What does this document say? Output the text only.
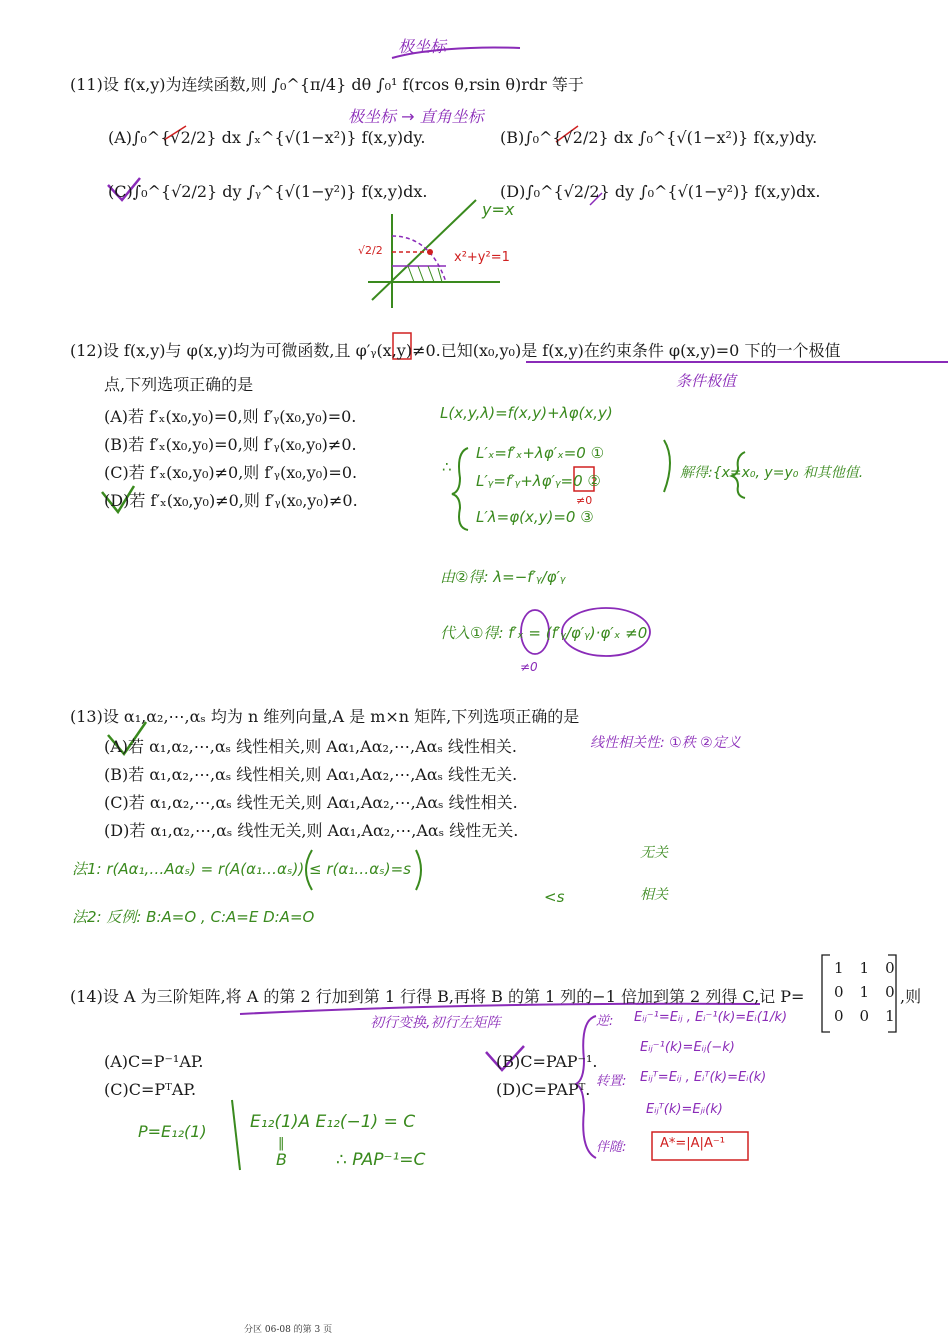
(11)设 f(x,y)为连续函数,则 ∫₀^{π/4} dθ ∫₀¹ f(rcos θ,rsin θ)rdr 等于
极坐标
极坐标 → 直角坐标
(A)∫₀^{√2/2} dx ∫ₓ^{√(1−x²)} f(x,y)dy.	(B)∫₀^{√2/2} dx ∫₀^{√(1−x²)} f(x,y)dy.
(C)∫₀^{√2/2} dy ∫ᵧ^{√(1−y²)} f(x,y)dx.	(D)∫₀^{√2/2} dy ∫₀^{√(1−y²)} f(x,y)dx.
y=x
x²+y²=1
√2/2
(12)设 f(x,y)与 φ(x,y)均为可微函数,且 φ′ᵧ(x,y)≠0.已知(x₀,y₀)是 f(x,y)在约束条件 φ(x,y)=0 下的一个极值
点,下列选项正确的是	条件极值
(A)若 f′ₓ(x₀,y₀)=0,则 f′ᵧ(x₀,y₀)=0.
(B)若 f′ₓ(x₀,y₀)=0,则 f′ᵧ(x₀,y₀)≠0.
(C)若 f′ₓ(x₀,y₀)≠0,则 f′ᵧ(x₀,y₀)=0.
(D)若 f′ₓ(x₀,y₀)≠0,则 f′ᵧ(x₀,y₀)≠0.
L(x,y,λ)=f(x,y)+λφ(x,y)
∴
L′ₓ=f′ₓ+λφ′ₓ=0 ①
L′ᵧ=f′ᵧ+λφ′ᵧ=0 ②
≠0
L′λ=φ(x,y)=0 ③
解得:{x=x₀, y=y₀ 和其他值.
由②得: λ=−f′ᵧ/φ′ᵧ
代入①得: f′ₓ = (f′ᵧ/φ′ᵧ)·φ′ₓ ≠0
≠0
(13)设 α₁,α₂,⋯,αₛ 均为 n 维列向量,A 是 m×n 矩阵,下列选项正确的是
(A)若 α₁,α₂,⋯,αₛ 线性相关,则 Aα₁,Aα₂,⋯,Aαₛ 线性相关.
(B)若 α₁,α₂,⋯,αₛ 线性相关,则 Aα₁,Aα₂,⋯,Aαₛ 线性无关.
(C)若 α₁,α₂,⋯,αₛ 线性无关,则 Aα₁,Aα₂,⋯,Aαₛ 线性相关.
(D)若 α₁,α₂,⋯,αₛ 线性无关,则 Aα₁,Aα₂,⋯,Aαₛ 线性无关.
线性相关性: ①秩 ②定义
法1: r(Aα₁,…Aαₛ) = r(A(α₁…αₛ)) ≤ r(α₁…αₛ)=s
无关
<s	相关
法2: 反例: B:A=O , C:A=E D:A=O
(14)设 A 为三阶矩阵,将 A 的第 2 行加到第 1 行得 B,再将 B 的第 1 列的−1 倍加到第 2 列得 C,记 P=
1	1	0
0	1	0
0	0	1
,则
初行变换,初行左矩阵
(A)C=P⁻¹AP.	(B)C=PAP⁻¹.
(C)C=PᵀAP.	(D)C=PAPᵀ.
逆: Eᵢⱼ⁻¹=Eᵢⱼ , Eᵢ⁻¹(k)=Eᵢ(1/k)
Eᵢⱼ⁻¹(k)=Eᵢⱼ(−k)
转置: Eᵢⱼᵀ=Eᵢⱼ , Eᵢᵀ(k)=Eᵢ(k)
Eᵢⱼᵀ(k)=Eⱼᵢ(k)
伴随:	A*=|A|A⁻¹
P=E₁₂(1)	E₁₂(1)A E₁₂(−1) = C
‖
B	∴ PAP⁻¹=C
分区 06-08 的第 3 页
